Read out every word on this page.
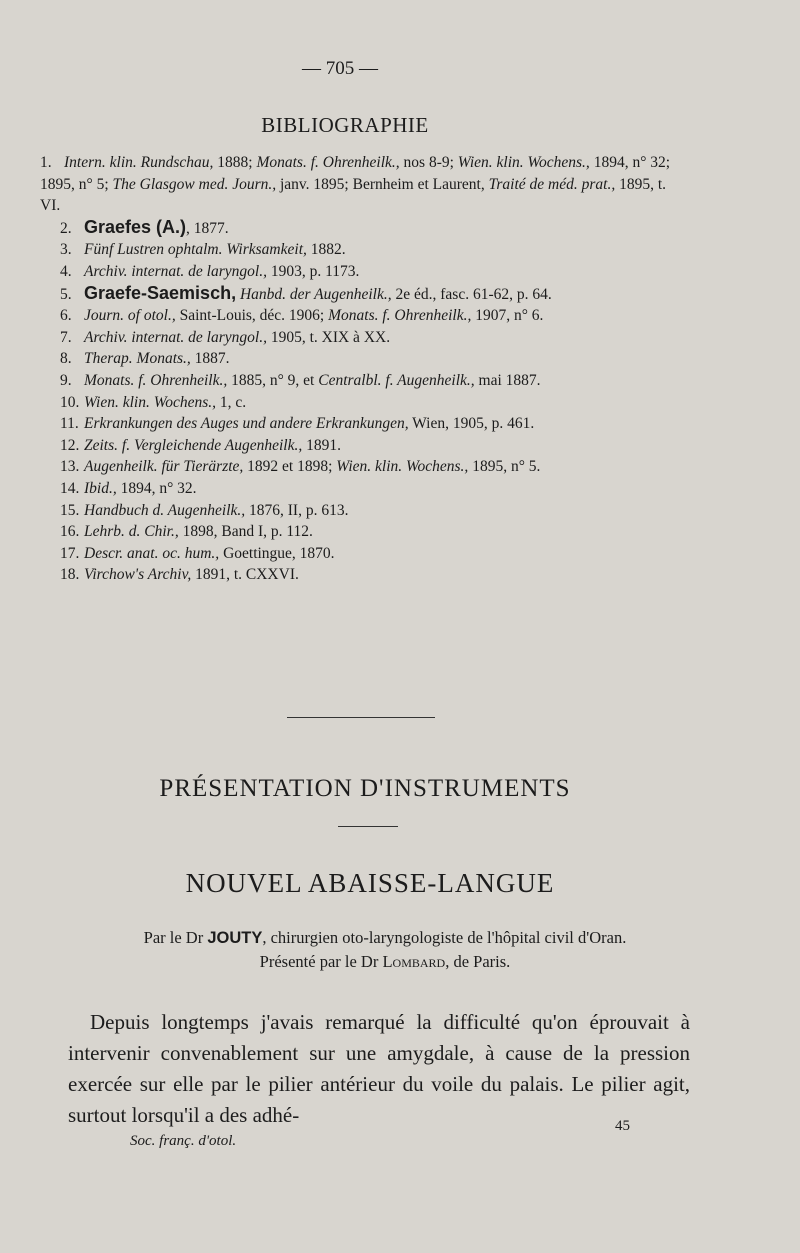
— 705 —
BIBLIOGRAPHIE
1. Intern. klin. Rundschau, 1888; Monats. f. Ohrenheilk., nos 8-9; Wien. klin. Wochens., 1894, n° 32; 1895, n° 5; The Glasgow med. Journ., janv. 1895; Bernheim et Laurent, Traité de méd. prat., 1895, t. VI.
2. Graefes (A.), 1877.
3. Fünf Lustren ophtalm. Wirksamkeit, 1882.
4. Archiv. internat. de laryngol., 1903, p. 1173.
5. Graefe-Saemisch, Hanbd. der Augenheilk., 2e éd., fasc. 61-62, p. 64.
6. Journ. of otol., Saint-Louis, déc. 1906; Monats. f. Ohrenheilk., 1907, n° 6.
7. Archiv. internat. de laryngol., 1905, t. XIX à XX.
8. Therap. Monats., 1887.
9. Monats. f. Ohrenheilk., 1885, n° 9, et Centralbl. f. Augenheilk., mai 1887.
10. Wien. klin. Wochens., 1, c.
11. Erkrankungen des Auges und andere Erkrankungen, Wien, 1905, p. 461.
12. Zeits. f. Vergleichende Augenheilk., 1891.
13. Augenheilk. für Tierärzte, 1892 et 1898; Wien. klin. Wochens., 1895, n° 5.
14. Ibid., 1894, n° 32.
15. Handbuch d. Augenheilk., 1876, II, p. 613.
16. Lehrb. d. Chir., 1898, Band I, p. 112.
17. Descr. anat. oc. hum., Goettingue, 1870.
18. Virchow's Archiv, 1891, t. CXXVI.
PRÉSENTATION D'INSTRUMENTS
NOUVEL ABAISSE-LANGUE
Par le Dr JOUTY, chirurgien oto-laryngologiste de l'hôpital civil d'Oran.
Présenté par le Dr Lombard, de Paris.
Depuis longtemps j'avais remarqué la difficulté qu'on éprouvait à intervenir convenablement sur une amygdale, à cause de la pression exercée sur elle par le pilier antérieur du voile du palais. Le pilier agit, surtout lorsqu'il a des adhé-
Soc. franç. d'otol.
45
